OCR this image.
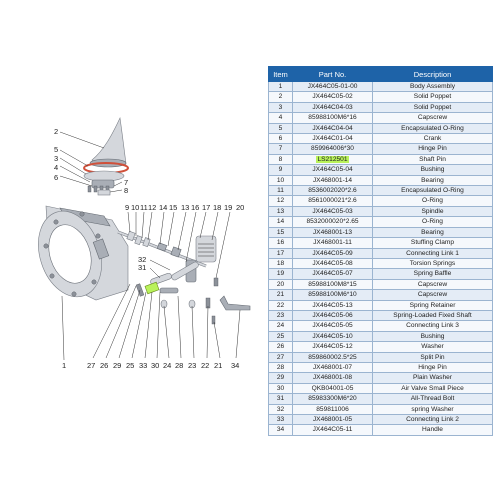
2
5
3
4
6
7
8
9 10 11 12 14 15 13 16 17 18 19 20
32
31
1	27 26 29 25 33 30 24 28 23 22 21 34
Item	Part No.	Description
1	JX464C05-01-00	Body Assembly
2	JX464C05-02	Solid Poppet
3	JX464C04-03	Solid Poppet
4	85988100M6*16	Capscrew
5	JX464C04-04	Encapsulated O-Ring
6	JX464C01-04	Crank
7	859964006*30	Hinge Pin
8	LS212501	Shaft Pin
9	JX464C05-04	Bushing
10	JX468001-14	Bearing
11	8536002020*2.6	Encapsulated O-Ring
12	8561000021*2.6	O-Ring
13	JX464C05-03	Spindle
14	8532000020*2.65	O-Ring
15	JX468001-13	Bearing
16	JX468001-11	Stuffing Clamp
17	JX464C05-09	Connecting Link 1
18	JX464C05-08	Torsion Springs
19	JX464C05-07	Spring Baffle
20	85988100M8*15	Capscrew
21	85988100M6*10	Capscrew
22	JX464C05-13	Spring Retainer
23	JX464C05-06	Spring-Loaded Fixed Shaft
24	JX464C05-05	Connecting Link 3
25	JX464C05-10	Bushing
26	JX464C05-12	Washer
27	859860002.5*25	Split Pin
28	JX468001-07	Hinge Pin
29	JX468001-08	Plain Washer
30	QKB04001-05	Air Valve Small Piece
31	85983300M6*20	All-Thread Bolt
32	859811006	spring Washer
33	JX468001-05	Connecting Link 2
34	JX464C05-11	Handle
